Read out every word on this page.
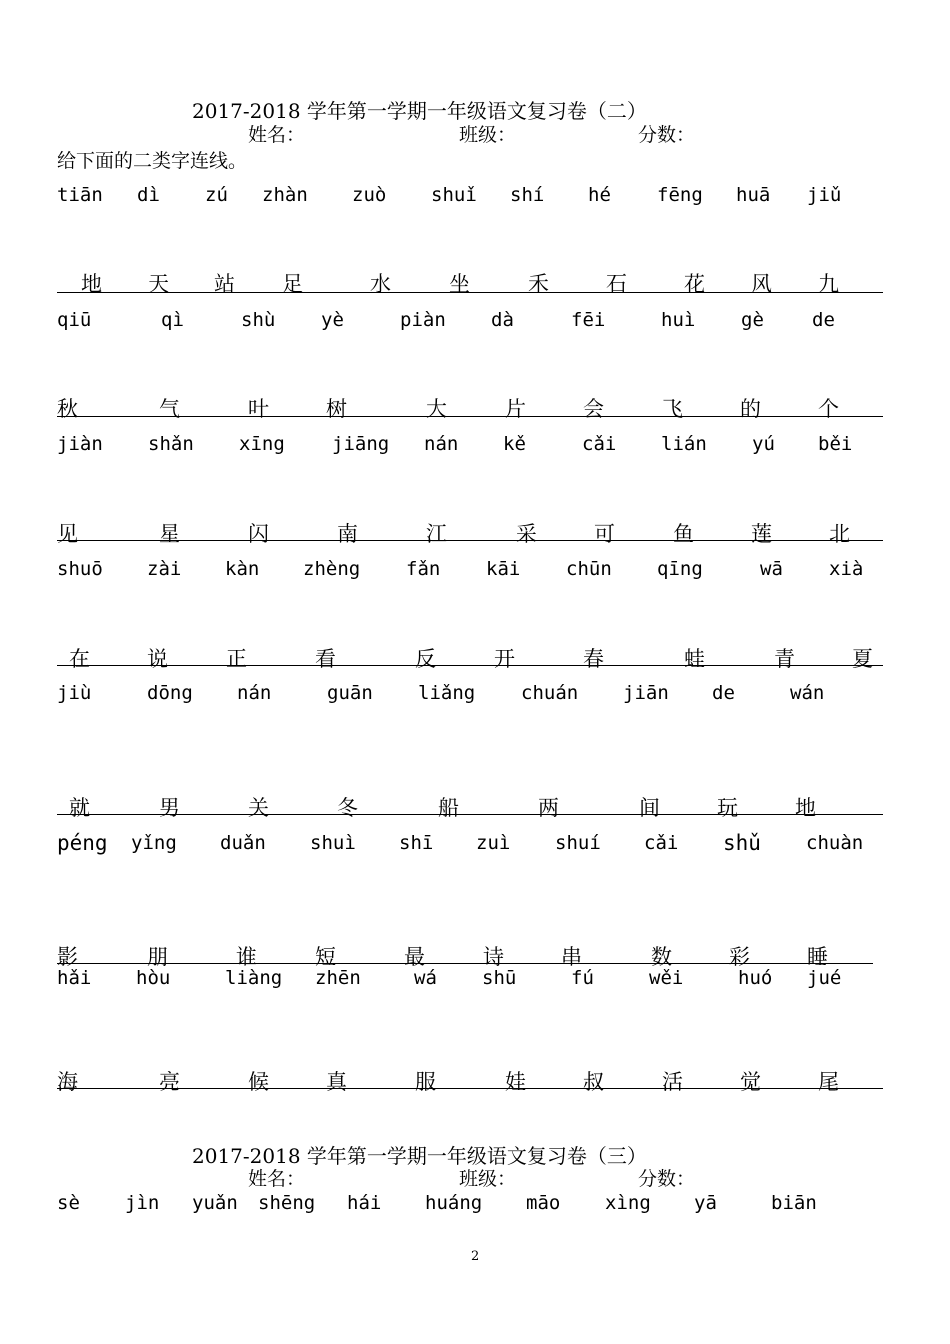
2017-2018 学年第一学期一年级语文复习卷（二）
姓名：	班级：	分数：
给下面的二类字连线。
tiān dì zú zhàn zuò shuǐ shí hé fēng huā jiǔ
地 天 站 足	水	坐	禾	石	花 风 九
qiū	qì	shù yè	piàn dà	fēi	huì gè	de
秋	气	叶	树	大	片	会	飞	的	个
jiàn shǎn xīng jiāng nán kě	cǎi lián yú běi
见	星	闪	南	江	采	可	鱼	莲	北
shuō zài kàn zhèng fǎn kāi chūn qīng	wā xià
在	说	正	看	反	开	春	蛙	青	夏
jiù	dōng nán	guān liǎng chuán jiān de	wán
就	男	关	冬	船	两	间	玩	地
péng yǐng duǎn shuì shī zuì shuí cǎi shǔ chuàn
影	朋	谁	短	最	诗	串	数	彩	睡
hǎi hòu	liàng zhēn	wá shū	fú	wěi	huó jué
海	亮	候	真	服	娃	叔	活	觉	尾
2017-2018 学年第一学期一年级语文复习卷（三）
姓名：	班级：	分数：
sè jìn yuǎn shēng hái huáng māo xìng yā	biān
2
